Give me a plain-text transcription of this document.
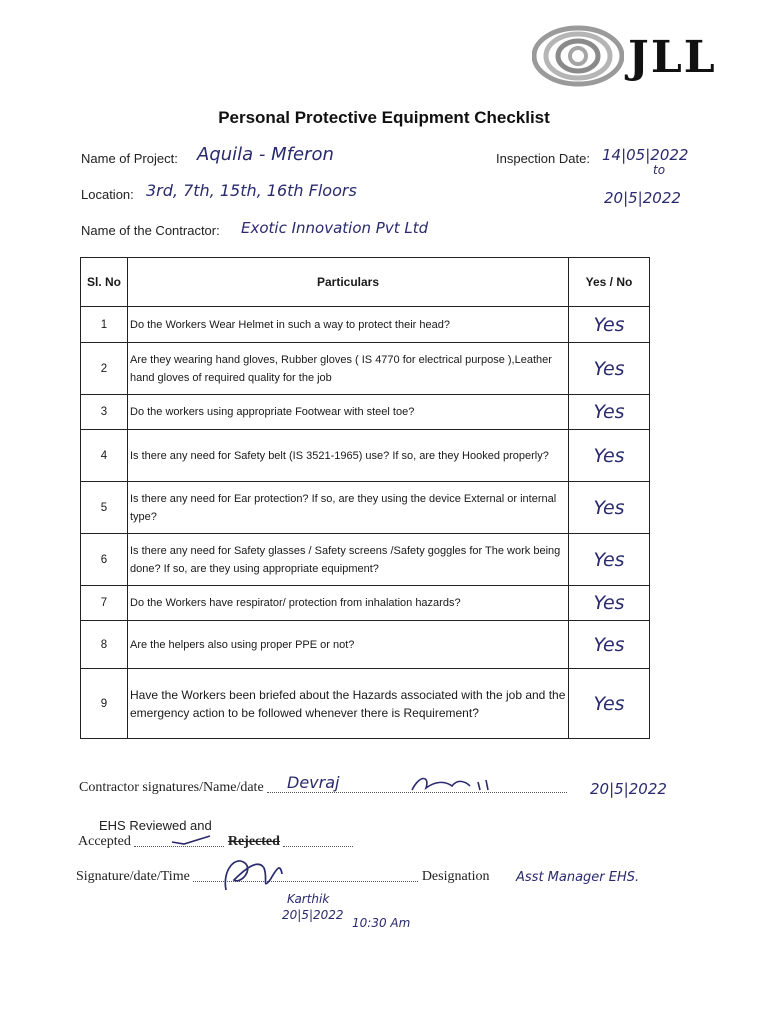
JLL
Personal Protective Equipment Checklist
Name of Project: Aquila - Mferon	Inspection Date: 14|05|2022
to
20|5|2022
Location: 3rd, 7th, 15th, 16th Floors
Name of the Contractor: Exotic Innovation Pvt Ltd
Sl. No	Particulars	Yes / No
1	Do the Workers Wear Helmet in such a way to protect their head?	Yes
2	Are they wearing hand gloves, Rubber gloves ( IS 4770 for electrical purpose ),Leather hand gloves of required quality for the job	Yes
3	Do the workers using appropriate Footwear with steel toe?	Yes
4	Is there any need for Safety belt (IS 3521-1965) use? If so, are they Hooked properly?	Yes
5	Is there any need for Ear protection? If so, are they using the device External or internal type?	Yes
6	Is there any need for Safety glasses / Safety screens /Safety goggles for The work being done? If so, are they using appropriate equipment?	Yes
7	Do the Workers have respirator/ protection from inhalation hazards?	Yes
8	Are the helpers also using proper PPE or not?	Yes
9	Have the Workers been briefed about the Hazards associated with the job and the emergency action to be followed whenever there is Requirement?	Yes
Contractor signatures/Name/date	Devraj	20|5|2022
EHS Reviewed and
Accepted	Rejected
Signature/date/Time	Designation Asst Manager EHS.
Karthik
20|5|2022
10:30 Am
